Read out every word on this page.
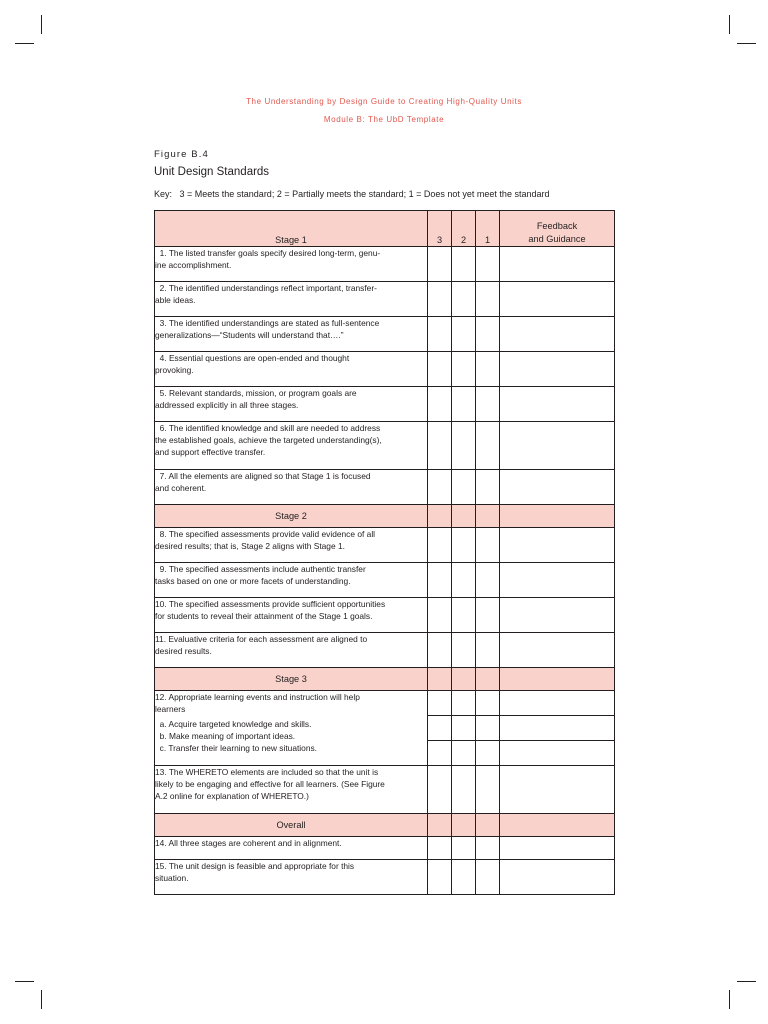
The Understanding by Design Guide to Creating High-Quality Units
Module B: The UbD Template
Figure B.4
Unit Design Standards
Key:   3 = Meets the standard; 2 = Partially meets the standard; 1 = Does not yet meet the standard
Stage 1	3	2	1	Feedback
and Guidance

1. The listed transfer goals specify desired long-term, genu-
ine accomplishment.				

2. The identified understandings reflect important, transfer-
able ideas.				

3. The identified understandings are stated as full-sentence
generalizations—“Students will understand that….”				

4. Essential questions are open-ended and thought
provoking.				

5. Relevant standards, mission, or program goals are
addressed explicitly in all three stages.				

6. The identified knowledge and skill are needed to address
the established goals, achieve the targeted understanding(s),
and support effective transfer.				

7. All the elements are aligned so that Stage 1 is focused
and coherent.				

Stage 2				

8. The specified assessments provide valid evidence of all
desired results; that is, Stage 2 aligns with Stage 1.				

9. The specified assessments include authentic transfer
tasks based on one or more facets of understanding.				

10. The specified assessments provide sufficient opportunities
for students to reveal their attainment of the Stage 1 goals.				

11. Evaluative criteria for each assessment are aligned to
desired results.				

Stage 3				

12. Appropriate learning events and instruction will help
learners
a. Acquire targeted knowledge and skills.
b. Make meaning of important ideas.
c. Transfer their learning to new situations.				

13. The WHERETO elements are included so that the unit is
likely to be engaging and effective for all learners. (See Figure
A.2 online for explanation of WHERETO.)				

Overall				

14. All three stages are coherent and in alignment.				

15. The unit design is feasible and appropriate for this
situation.				
